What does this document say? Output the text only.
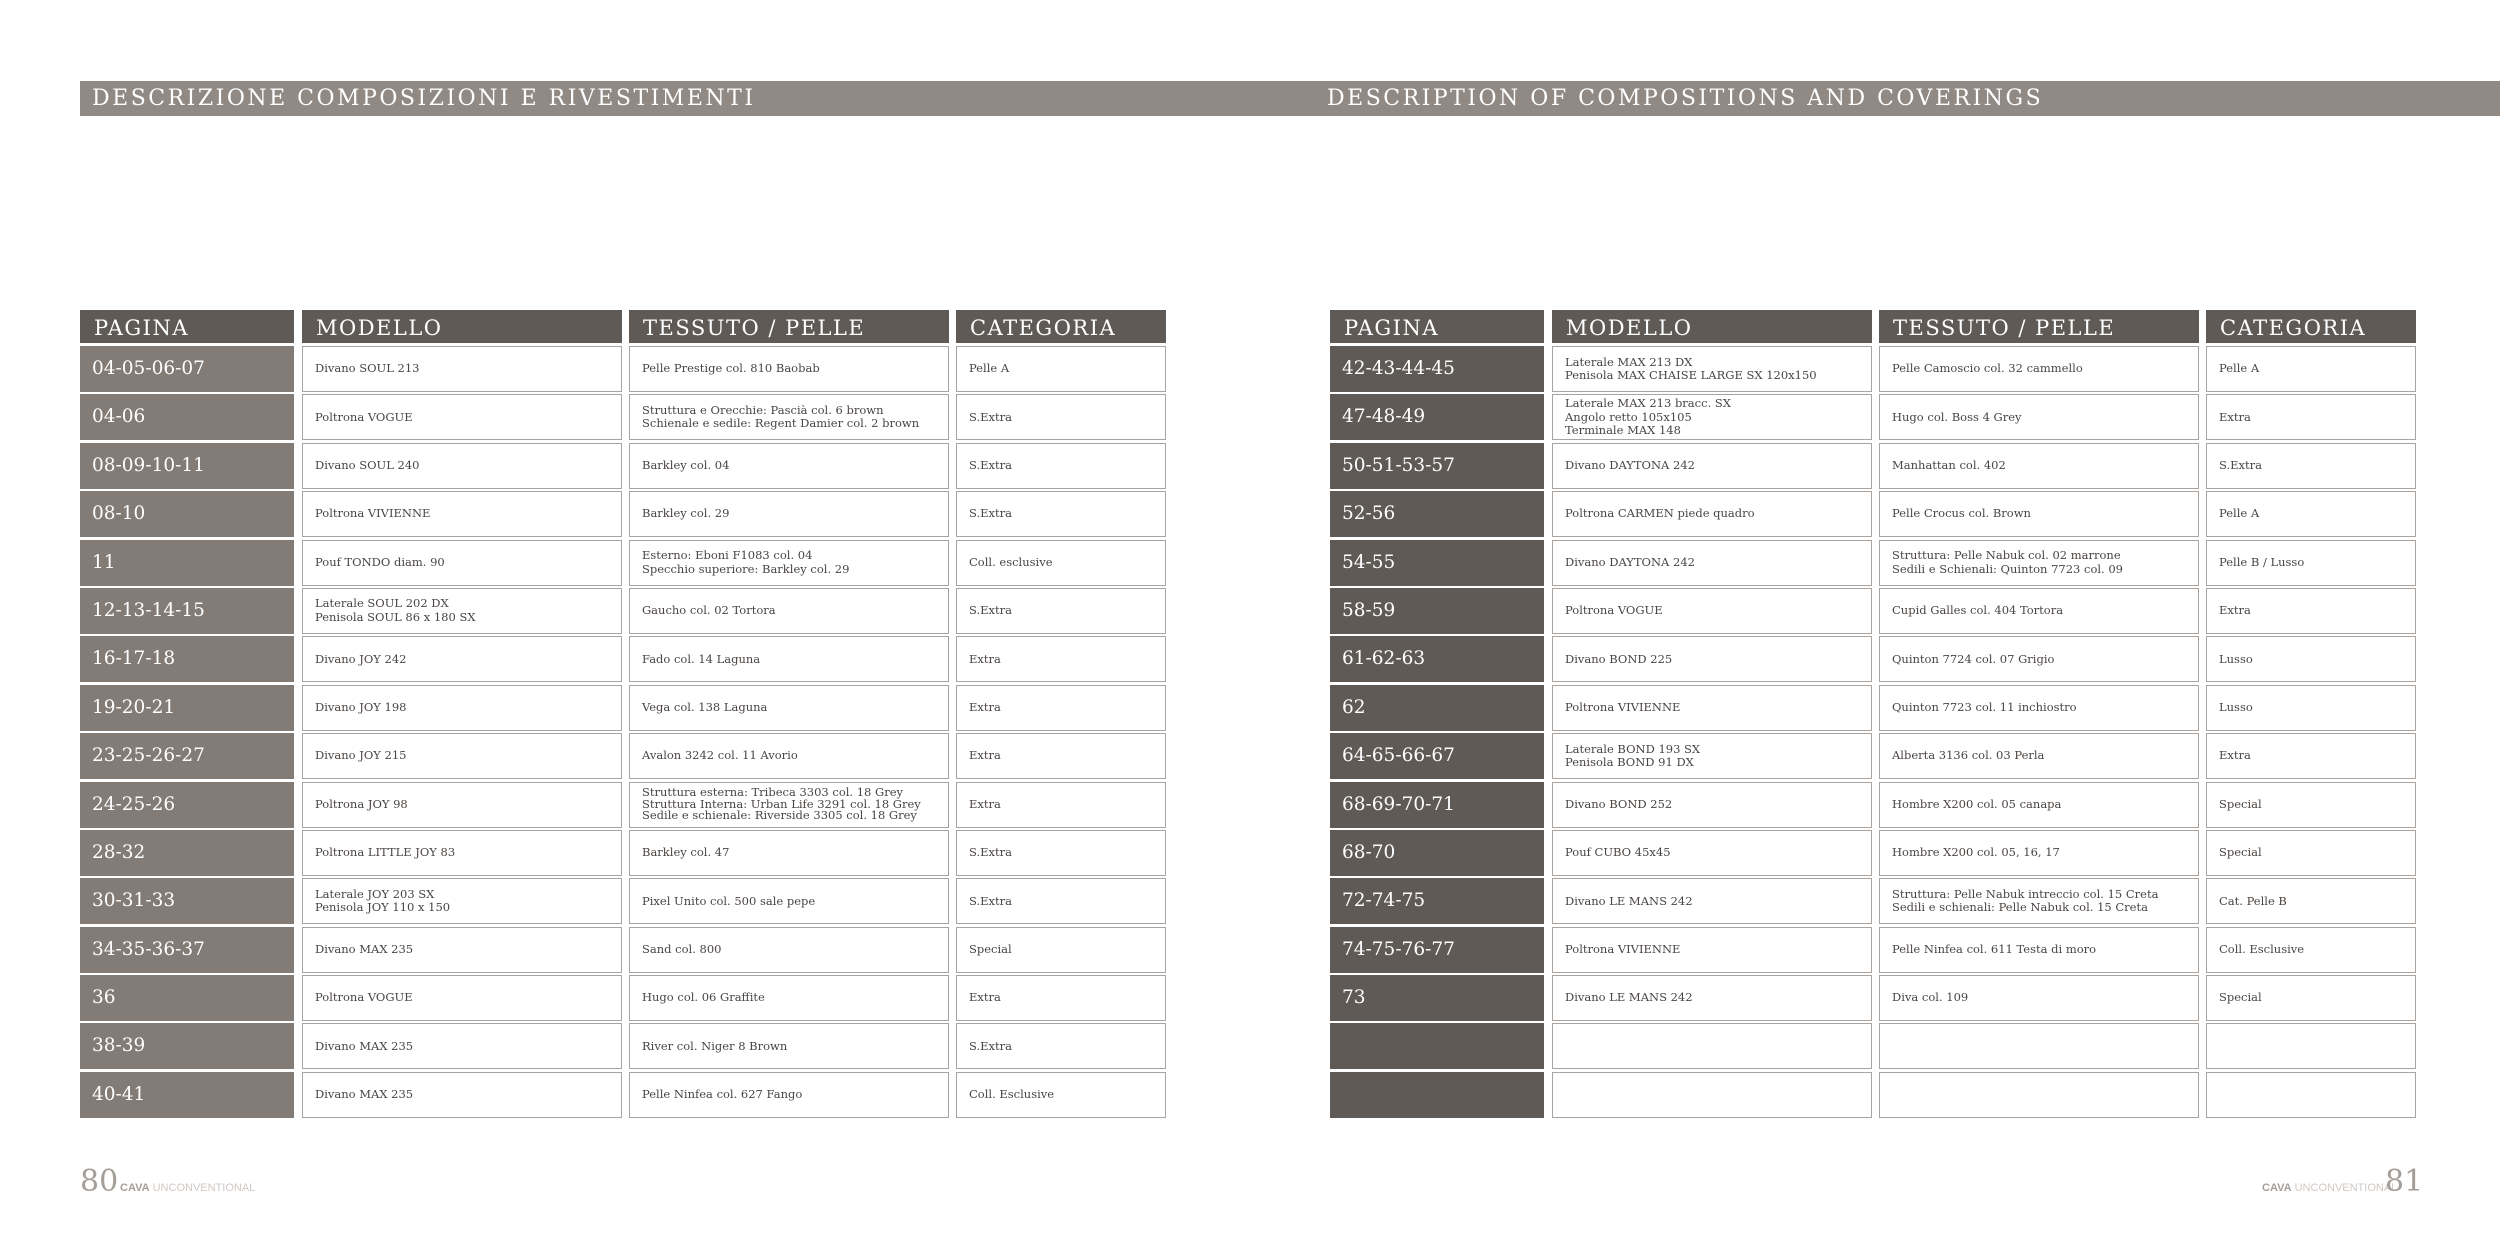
DESCRIZIONE COMPOSIZIONI E RIVESTIMENTI
PAGINA
04-05-06-07
04-06
08-09-10-11
08-10
11
12-13-14-15
16-17-18
19-20-21
23-25-26-27
24-25-26
28-32
30-31-33
34-35-36-37
36
38-39
40-41
MODELLO
Divano SOUL 213
Poltrona VOGUE
Divano SOUL 240
Poltrona VIVIENNE
Pouf TONDO diam. 90
Laterale SOUL 202 DX
Penisola SOUL 86 x 180 SX
Divano JOY 242
Divano JOY 198
Divano JOY 215
Poltrona JOY 98
Poltrona LITTLE JOY 83
Laterale JOY 203 SX
Penisola JOY 110 x 150
Divano MAX 235
Poltrona VOGUE
Divano MAX 235
Divano MAX 235
TESSUTO / PELLE
Pelle Prestige col. 810 Baobab
Struttura e Orecchie: Pascià col. 6 brown
Schienale e sedile: Regent Damier col. 2 brown
Barkley col. 04
Barkley col. 29
Esterno: Eboni F1083 col. 04
Specchio superiore: Barkley col. 29
Gaucho col. 02 Tortora
Fado col. 14 Laguna
Vega col. 138 Laguna
Avalon 3242 col. 11 Avorio
Struttura esterna: Tribeca 3303 col. 18 Grey
Struttura Interna: Urban Life 3291 col. 18 Grey
Sedile e schienale: Riverside 3305 col. 18 Grey
Barkley col. 47
Pixel Unito col. 500 sale pepe
Sand col. 800
Hugo col. 06 Graffite
River col. Niger 8 Brown
Pelle Ninfea col. 627 Fango
CATEGORIA
Pelle A
S.Extra
S.Extra
S.Extra
Coll. esclusive
S.Extra
Extra
Extra
Extra
Extra
S.Extra
S.Extra
Special
Extra
S.Extra
Coll. Esclusive
80 CAVA UNCONVENTIONAL
DESCRIPTION OF COMPOSITIONS AND COVERINGS
PAGINA
42-43-44-45
47-48-49
50-51-53-57
52-56
54-55
58-59
61-62-63
62
64-65-66-67
68-69-70-71
68-70
72-74-75
74-75-76-77
73
MODELLO
Laterale MAX 213 DX
Penisola MAX CHAISE LARGE SX 120x150
Laterale MAX 213 bracc. SX
Angolo retto 105x105
Terminale MAX 148
Divano DAYTONA 242
Poltrona CARMEN piede quadro
Divano DAYTONA 242
Poltrona VOGUE
Divano BOND 225
Poltrona VIVIENNE
Laterale BOND 193 SX
Penisola BOND 91 DX
Divano BOND 252
Pouf CUBO 45x45
Divano LE MANS 242
Poltrona VIVIENNE
Divano LE MANS 242
TESSUTO / PELLE
Pelle Camoscio col. 32 cammello
Hugo col. Boss 4 Grey
Manhattan col. 402
Pelle Crocus col. Brown
Struttura: Pelle Nabuk col. 02 marrone
Sedili e Schienali: Quinton 7723 col. 09
Cupid Galles col. 404 Tortora
Quinton 7724 col. 07 Grigio
Quinton 7723 col. 11 inchiostro
Alberta 3136 col. 03 Perla
Hombre X200 col. 05 canapa
Hombre X200 col. 05, 16, 17
Struttura: Pelle Nabuk intreccio col. 15 Creta
Sedili e schienali: Pelle Nabuk col. 15 Creta
Pelle Ninfea col. 611 Testa di moro
Diva col. 109
CATEGORIA
Pelle A
Extra
S.Extra
Pelle A
Pelle B / Lusso
Extra
Lusso
Lusso
Extra
Special
Special
Cat. Pelle B
Coll. Esclusive
Special
CAVA UNCONVENTIONAL
81
